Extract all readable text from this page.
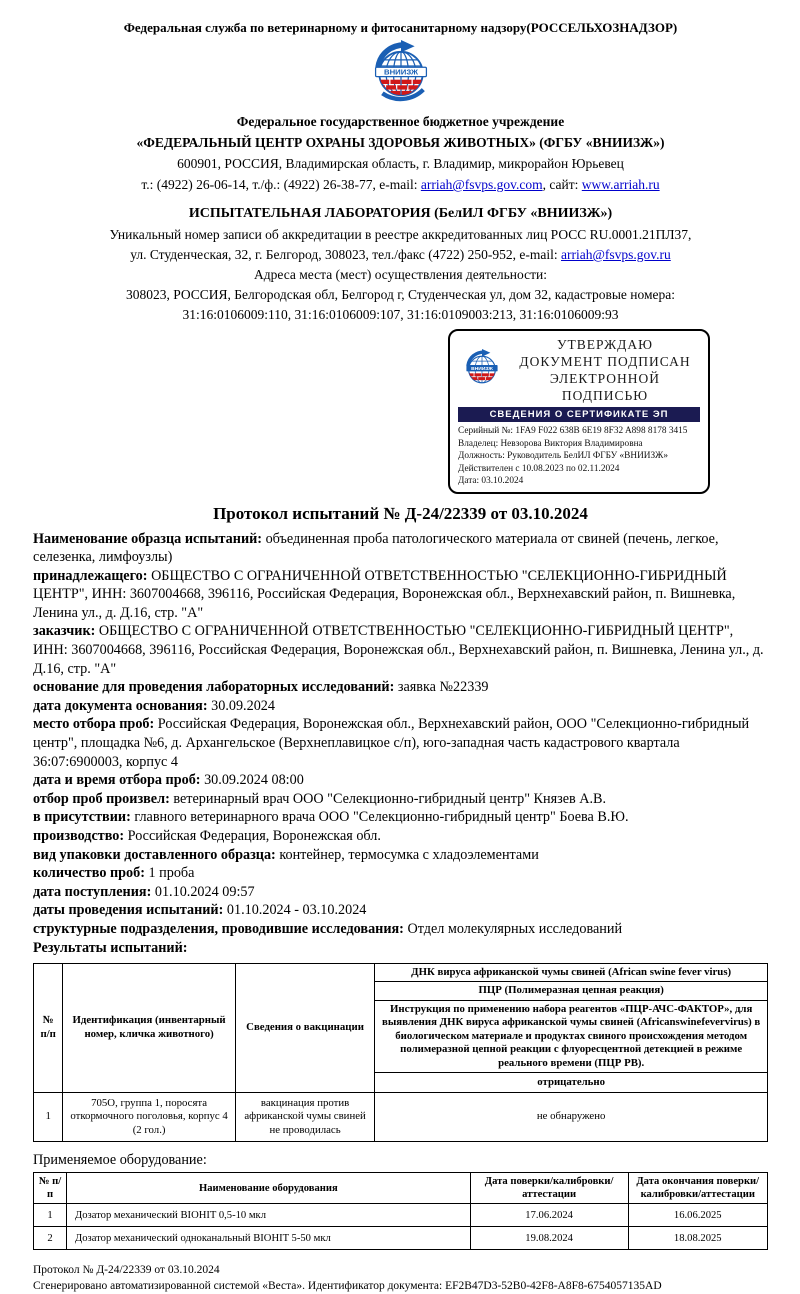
Федеральная служба по ветеринарному и фитосанитарному надзору(РОССЕЛЬХОЗНАДЗОР)
ВНИИЗЖ
Федеральное государственное бюджетное учреждение
«ФЕДЕРАЛЬНЫЙ ЦЕНТР ОХРАНЫ ЗДОРОВЬЯ ЖИВОТНЫХ» (ФГБУ «ВНИИЗЖ»)
600901, РОССИЯ, Владимирская область, г. Владимир, микрорайон Юрьевец
т.: (4922) 26-06-14, т./ф.: (4922) 26-38-77, e-mail: arriah@fsvps.gov.com, сайт: www.arriah.ru
ИСПЫТАТЕЛЬНАЯ ЛАБОРАТОРИЯ (БелИЛ ФГБУ «ВНИИЗЖ»)
Уникальный номер записи об аккредитации в реестре аккредитованных лиц РОСС RU.0001.21ПЛ37,
ул. Студенческая, 32, г. Белгород, 308023, тел./факс (4722) 250-952, e-mail: arriah@fsvps.gov.ru
Адреса места (мест) осуществления деятельности:
308023, РОССИЯ, Белгородская обл, Белгород г, Студенческая ул, дом 32, кадастровые номера:
31:16:0106009:110, 31:16:0106009:107, 31:16:0109003:213, 31:16:0106009:93
ВНИИЗЖ
УТВЕРЖДАЮ
ДОКУМЕНТ ПОДПИСАН
ЭЛЕКТРОННОЙ ПОДПИСЬЮ
СВЕДЕНИЯ О СЕРТИФИКАТЕ ЭП
Серийный №: 1FA9 F022 638B 6E19 8F32 A898 8178 3415
Владелец: Невзорова Виктория Владимировна
Должность: Руководитель БелИЛ ФГБУ «ВНИИЗЖ»
Действителен с 10.08.2023 по 02.11.2024
Дата: 03.10.2024
Протокол испытаний № Д-24/22339 от 03.10.2024
Наименование образца испытаний: объединенная проба патологического материала от свиней (печень, легкое, селезенка, лимфоузлы)
принадлежащего: ОБЩЕСТВО С ОГРАНИЧЕННОЙ ОТВЕТСТВЕННОСТЬЮ "СЕЛЕКЦИОННО-ГИБРИДНЫЙ ЦЕНТР", ИНН: 3607004668, 396116, Российская Федерация, Воронежская обл., Верхнехавский район, п. Вишневка, Ленина ул., д. Д.16, стр. "А"
заказчик: ОБЩЕСТВО С ОГРАНИЧЕННОЙ ОТВЕТСТВЕННОСТЬЮ "СЕЛЕКЦИОННО-ГИБРИДНЫЙ ЦЕНТР", ИНН: 3607004668, 396116, Российская Федерация, Воронежская обл., Верхнехавский район, п. Вишневка, Ленина ул., д. Д.16, стр. "А"
основание для проведения лабораторных исследований: заявка №22339
дата документа основания: 30.09.2024
место отбора проб: Российская Федерация, Воронежская обл., Верхнехавский район, ООО "Селекционно-гибридный центр", площадка №6, д. Архангельское (Верхнеплавицкое с/п), юго-западная часть кадастрового квартала 36:07:6900003, корпус 4
дата и время отбора проб: 30.09.2024 08:00
отбор проб произвел: ветеринарный врач ООО "Селекционно-гибридный центр" Князев А.В.
в присутствии: главного ветеринарного врача ООО "Селекционно-гибридный центр" Боева В.Ю.
производство: Российская Федерация, Воронежская обл.
вид упаковки доставленного образца: контейнер, термосумка с хладоэлементами
количество проб: 1 проба
дата поступления: 01.10.2024 09:57
даты проведения испытаний: 01.10.2024 - 03.10.2024
структурные подразделения, проводившие исследования: Отдел молекулярных исследований
Результаты испытаний:
№ п/п	Идентификация (инвентарный номер, кличка животного)	Сведения о вакцинации	ДНК вируса африканской чумы свиней (African swine fever virus)
			ПЦР (Полимеразная цепная реакция)
			Инструкция по применению набора реагентов «ПЦР-АЧС-ФАКТОР», для выявления ДНК вируса африканской чумы свиней (Africanswinefevervirus) в биологическом материале и продуктах свиного происхождения методом полимеразной цепной реакции с флуоресцентной детекцией в режиме реального времени (ПЦР РВ).
			отрицательно
1	705О, группа 1, поросята откормочного поголовья, корпус 4 (2 гол.)	вакцинация против африканской чумы свиней не проводилась	не обнаружено
Применяемое оборудование:
№ п/п	Наименование оборудования	Дата поверки/калибровки/аттестации	Дата окончания поверки/калибровки/аттестации
1	Дозатор механический BIOHIT 0,5-10 мкл	17.06.2024	16.06.2025
2	Дозатор механический одноканальный BIOHIT 5-50 мкл	19.08.2024	18.08.2025
Протокол № Д-24/22339 от 03.10.2024
Сгенерировано автоматизированной системой «Веста». Идентификатор документа: EF2B47D3-52B0-42F8-A8F8-6754057135AD
